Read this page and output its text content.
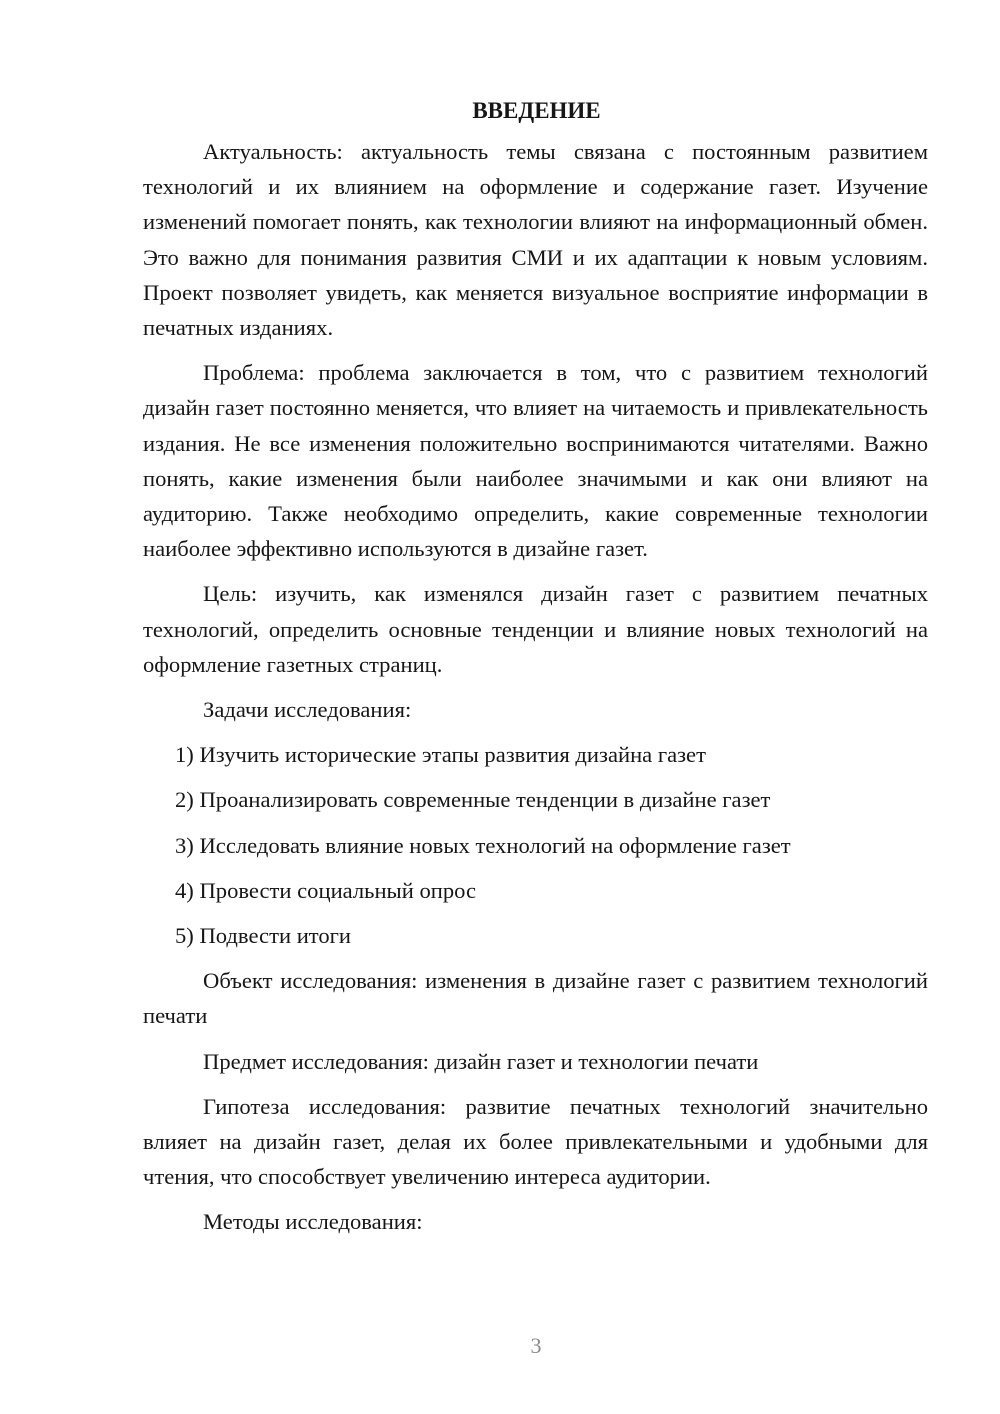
ВВЕДЕНИЕ

Актуальность: актуальность темы связана с постоянным развитием технологий и их влиянием на оформление и содержание газет. Изучение изменений помогает понять, как технологии влияют на информационный обмен. Это важно для понимания развития СМИ и их адаптации к новым условиям. Проект позволяет увидеть, как меняется визуальное восприятие информации в печатных изданиях.

Проблема: проблема заключается в том, что с развитием технологий дизайн газет постоянно меняется, что влияет на читаемость и привлекательность издания. Не все изменения положительно воспринимаются читателями. Важно понять, какие изменения были наиболее значимыми и как они влияют на аудиторию. Также необходимо определить, какие современные технологии наиболее эффективно используются в дизайне газет.

Цель: изучить, как изменялся дизайн газет с развитием печатных технологий, определить основные тенденции и влияние новых технологий на оформление газетных страниц.

Задачи исследования:

1) Изучить исторические этапы развития дизайна газет
2) Проанализировать современные тенденции в дизайне газет
3) Исследовать влияние новых технологий на оформление газет
4) Провести социальный опрос
5) Подвести итоги

Объект исследования: изменения в дизайне газет с развитием технологий печати

Предмет исследования: дизайн газет и технологии печати

Гипотеза исследования: развитие печатных технологий значительно влияет на дизайн газет, делая их более привлекательными и удобными для чтения, что способствует увеличению интереса аудитории.

Методы исследования:

3
